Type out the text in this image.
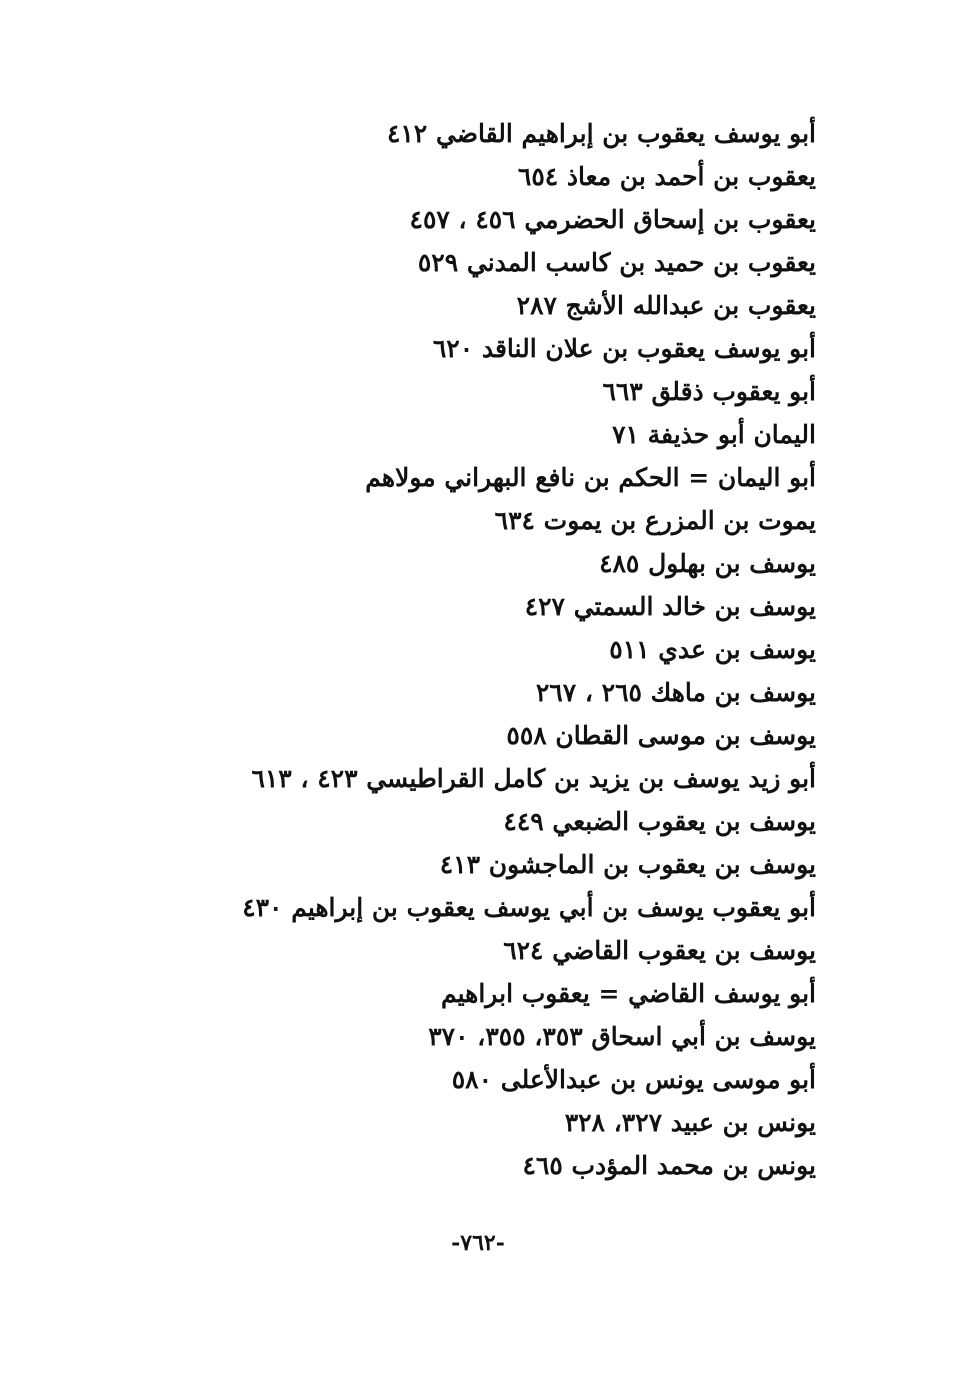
أبو يوسف يعقوب بن إبراهيم القاضي ٤١٢
يعقوب بن أحمد بن معاذ ٦٥٤
يعقوب بن إسحاق الحضرمي ٤٥٦ ، ٤٥٧
يعقوب بن حميد بن كاسب المدني ٥٢٩
يعقوب بن عبدالله الأشج ٢٨٧
أبو يوسف يعقوب بن علان الناقد ٦٢٠
أبو يعقوب ذقلق ٦٦٣
اليمان أبو حذيفة ٧١
أبو اليمان = الحكم بن نافع البهراني مولاهم
يموت بن المزرع بن يموت ٦٣٤
يوسف بن بهلول ٤٨٥
يوسف بن خالد السمتي ٤٢٧
يوسف بن عدي ٥١١
يوسف بن ماهك ٢٦٥ ، ٢٦٧
يوسف بن موسى القطان ٥٥٨
أبو زيد يوسف بن يزيد بن كامل القراطيسي ٤٢٣ ، ٦١٣
يوسف بن يعقوب الضبعي ٤٤٩
يوسف بن يعقوب بن الماجشون ٤١٣
أبو يعقوب يوسف بن أبي يوسف يعقوب بن إبراهيم ٤٣٠
يوسف بن يعقوب القاضي ٦٢٤
أبو يوسف القاضي = يعقوب ابراهيم
يوسف بن أبي اسحاق ٣٥٣، ٣٥٥، ٣٧٠
أبو موسى يونس بن عبدالأعلى ٥٨٠
يونس بن عبيد ٣٢٧، ٣٢٨
يونس بن محمد المؤدب ٤٦٥
-٧٦٢-
